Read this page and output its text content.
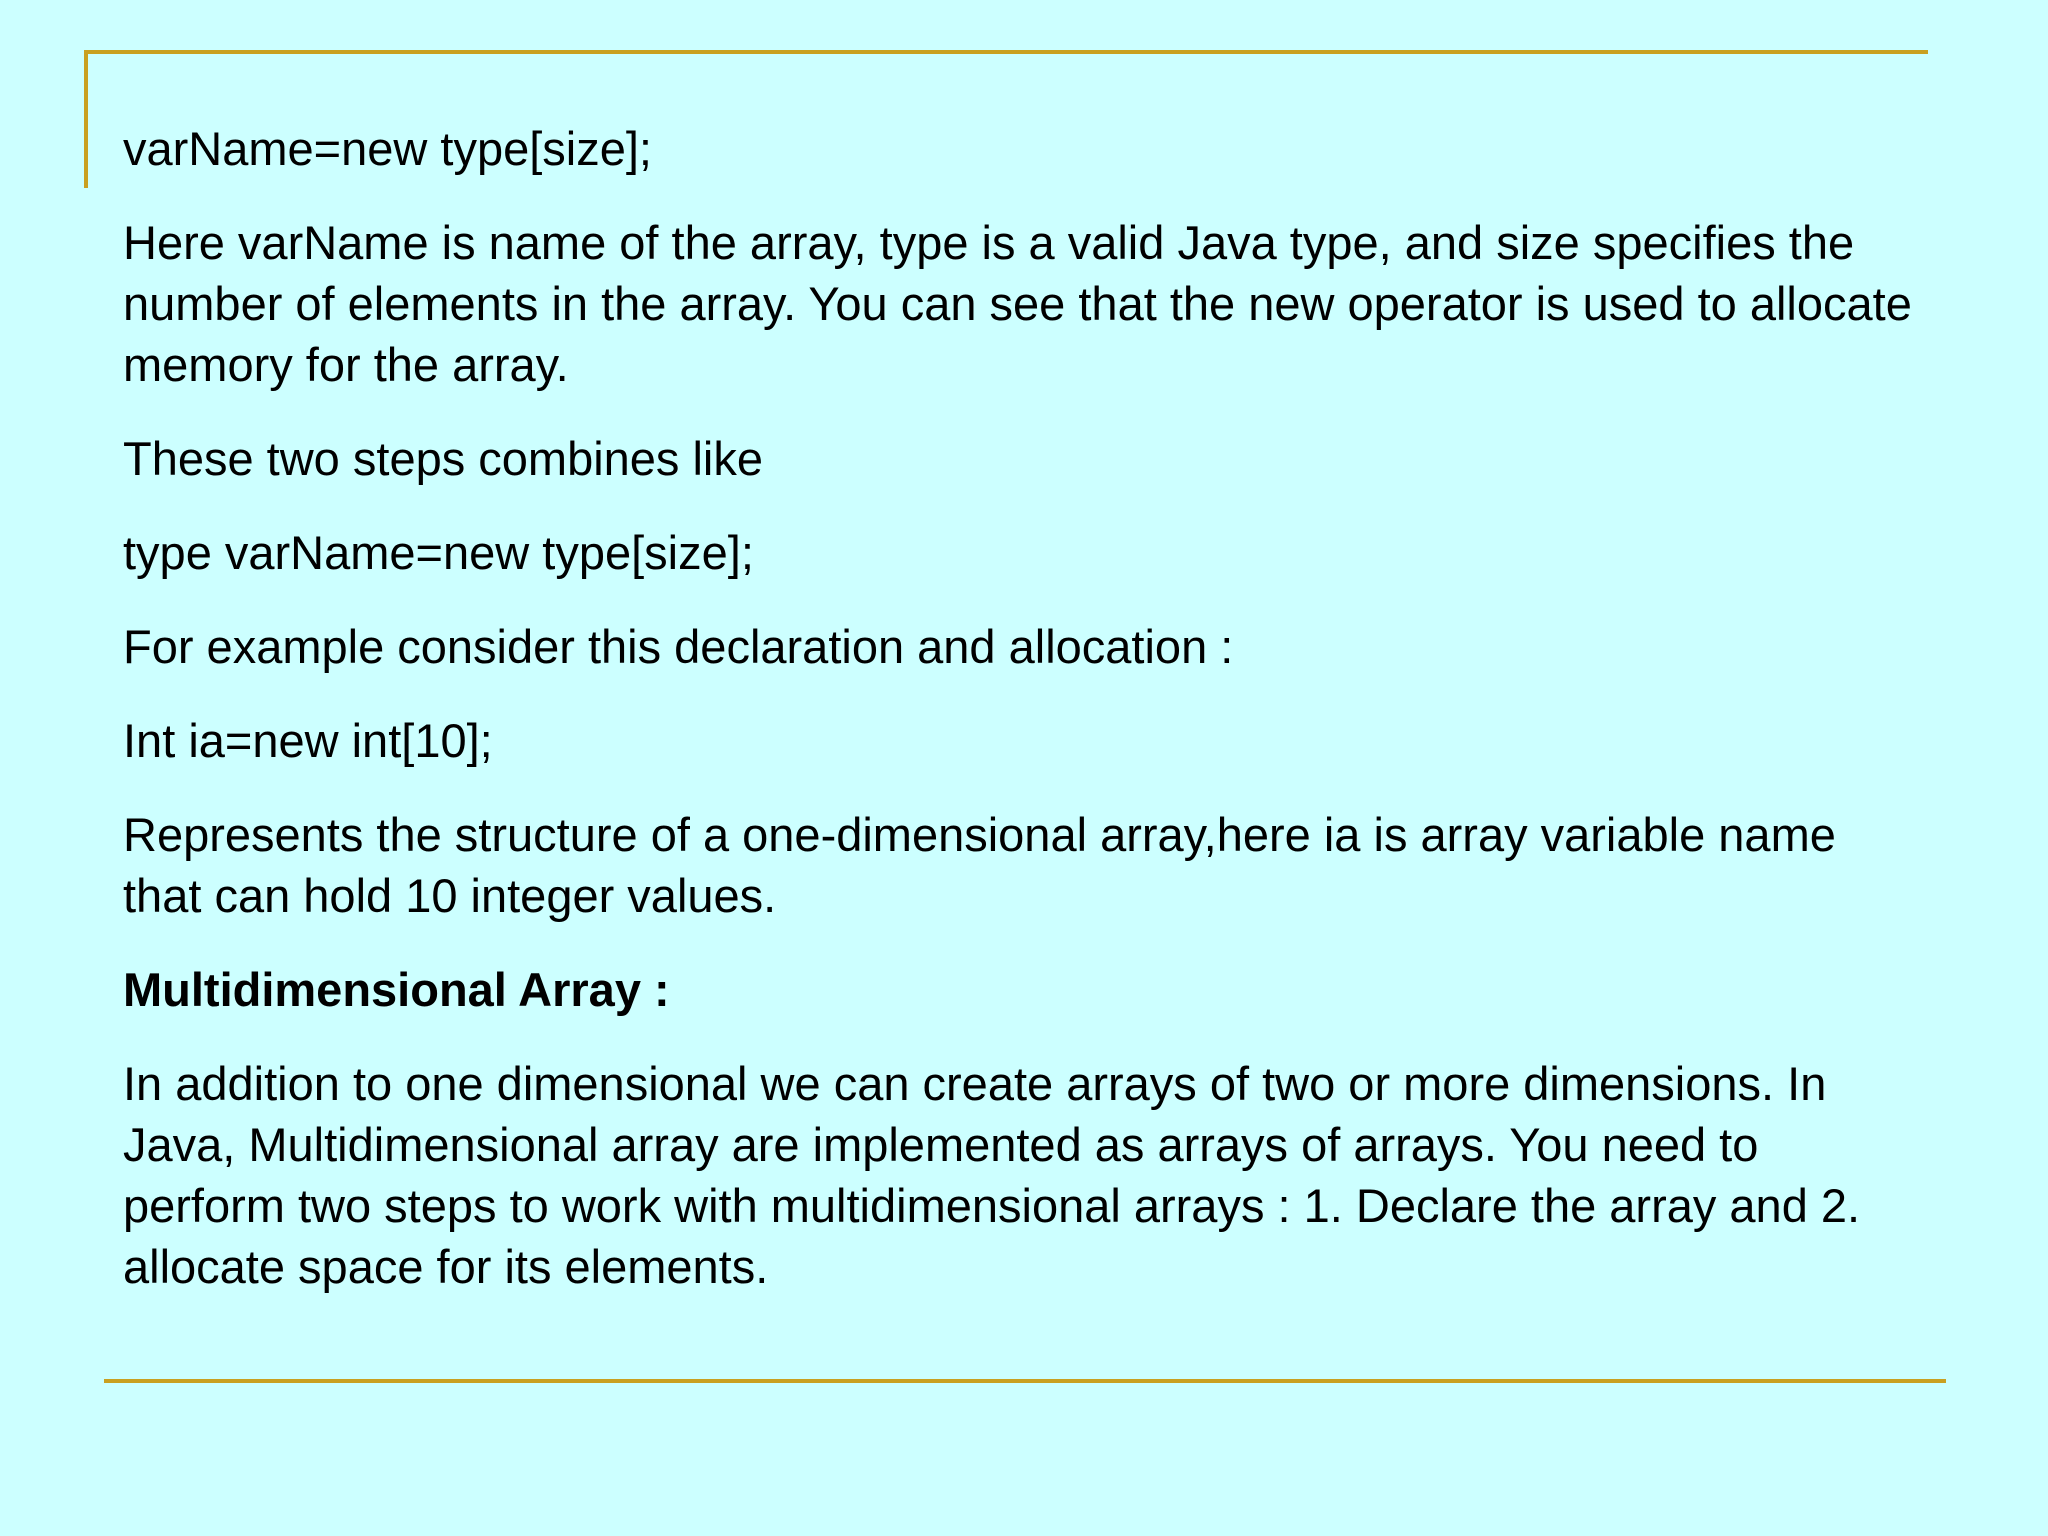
varName=new type[size];

Here varName is name of the array, type is a valid Java type, and size specifies the number of elements in the array. You can see that the new operator is used to allocate memory for the array.

These two steps combines like

type varName=new type[size];

For example consider this declaration and allocation :

Int ia=new int[10];

Represents the structure of a one-dimensional array,here ia is array variable name that can hold 10 integer values.

Multidimensional Array :

In addition to one dimensional we can create arrays of two or more dimensions. In Java, Multidimensional array are implemented as arrays of arrays. You need to perform two steps to work with multidimensional arrays : 1. Declare the array and 2. allocate space for its elements.
